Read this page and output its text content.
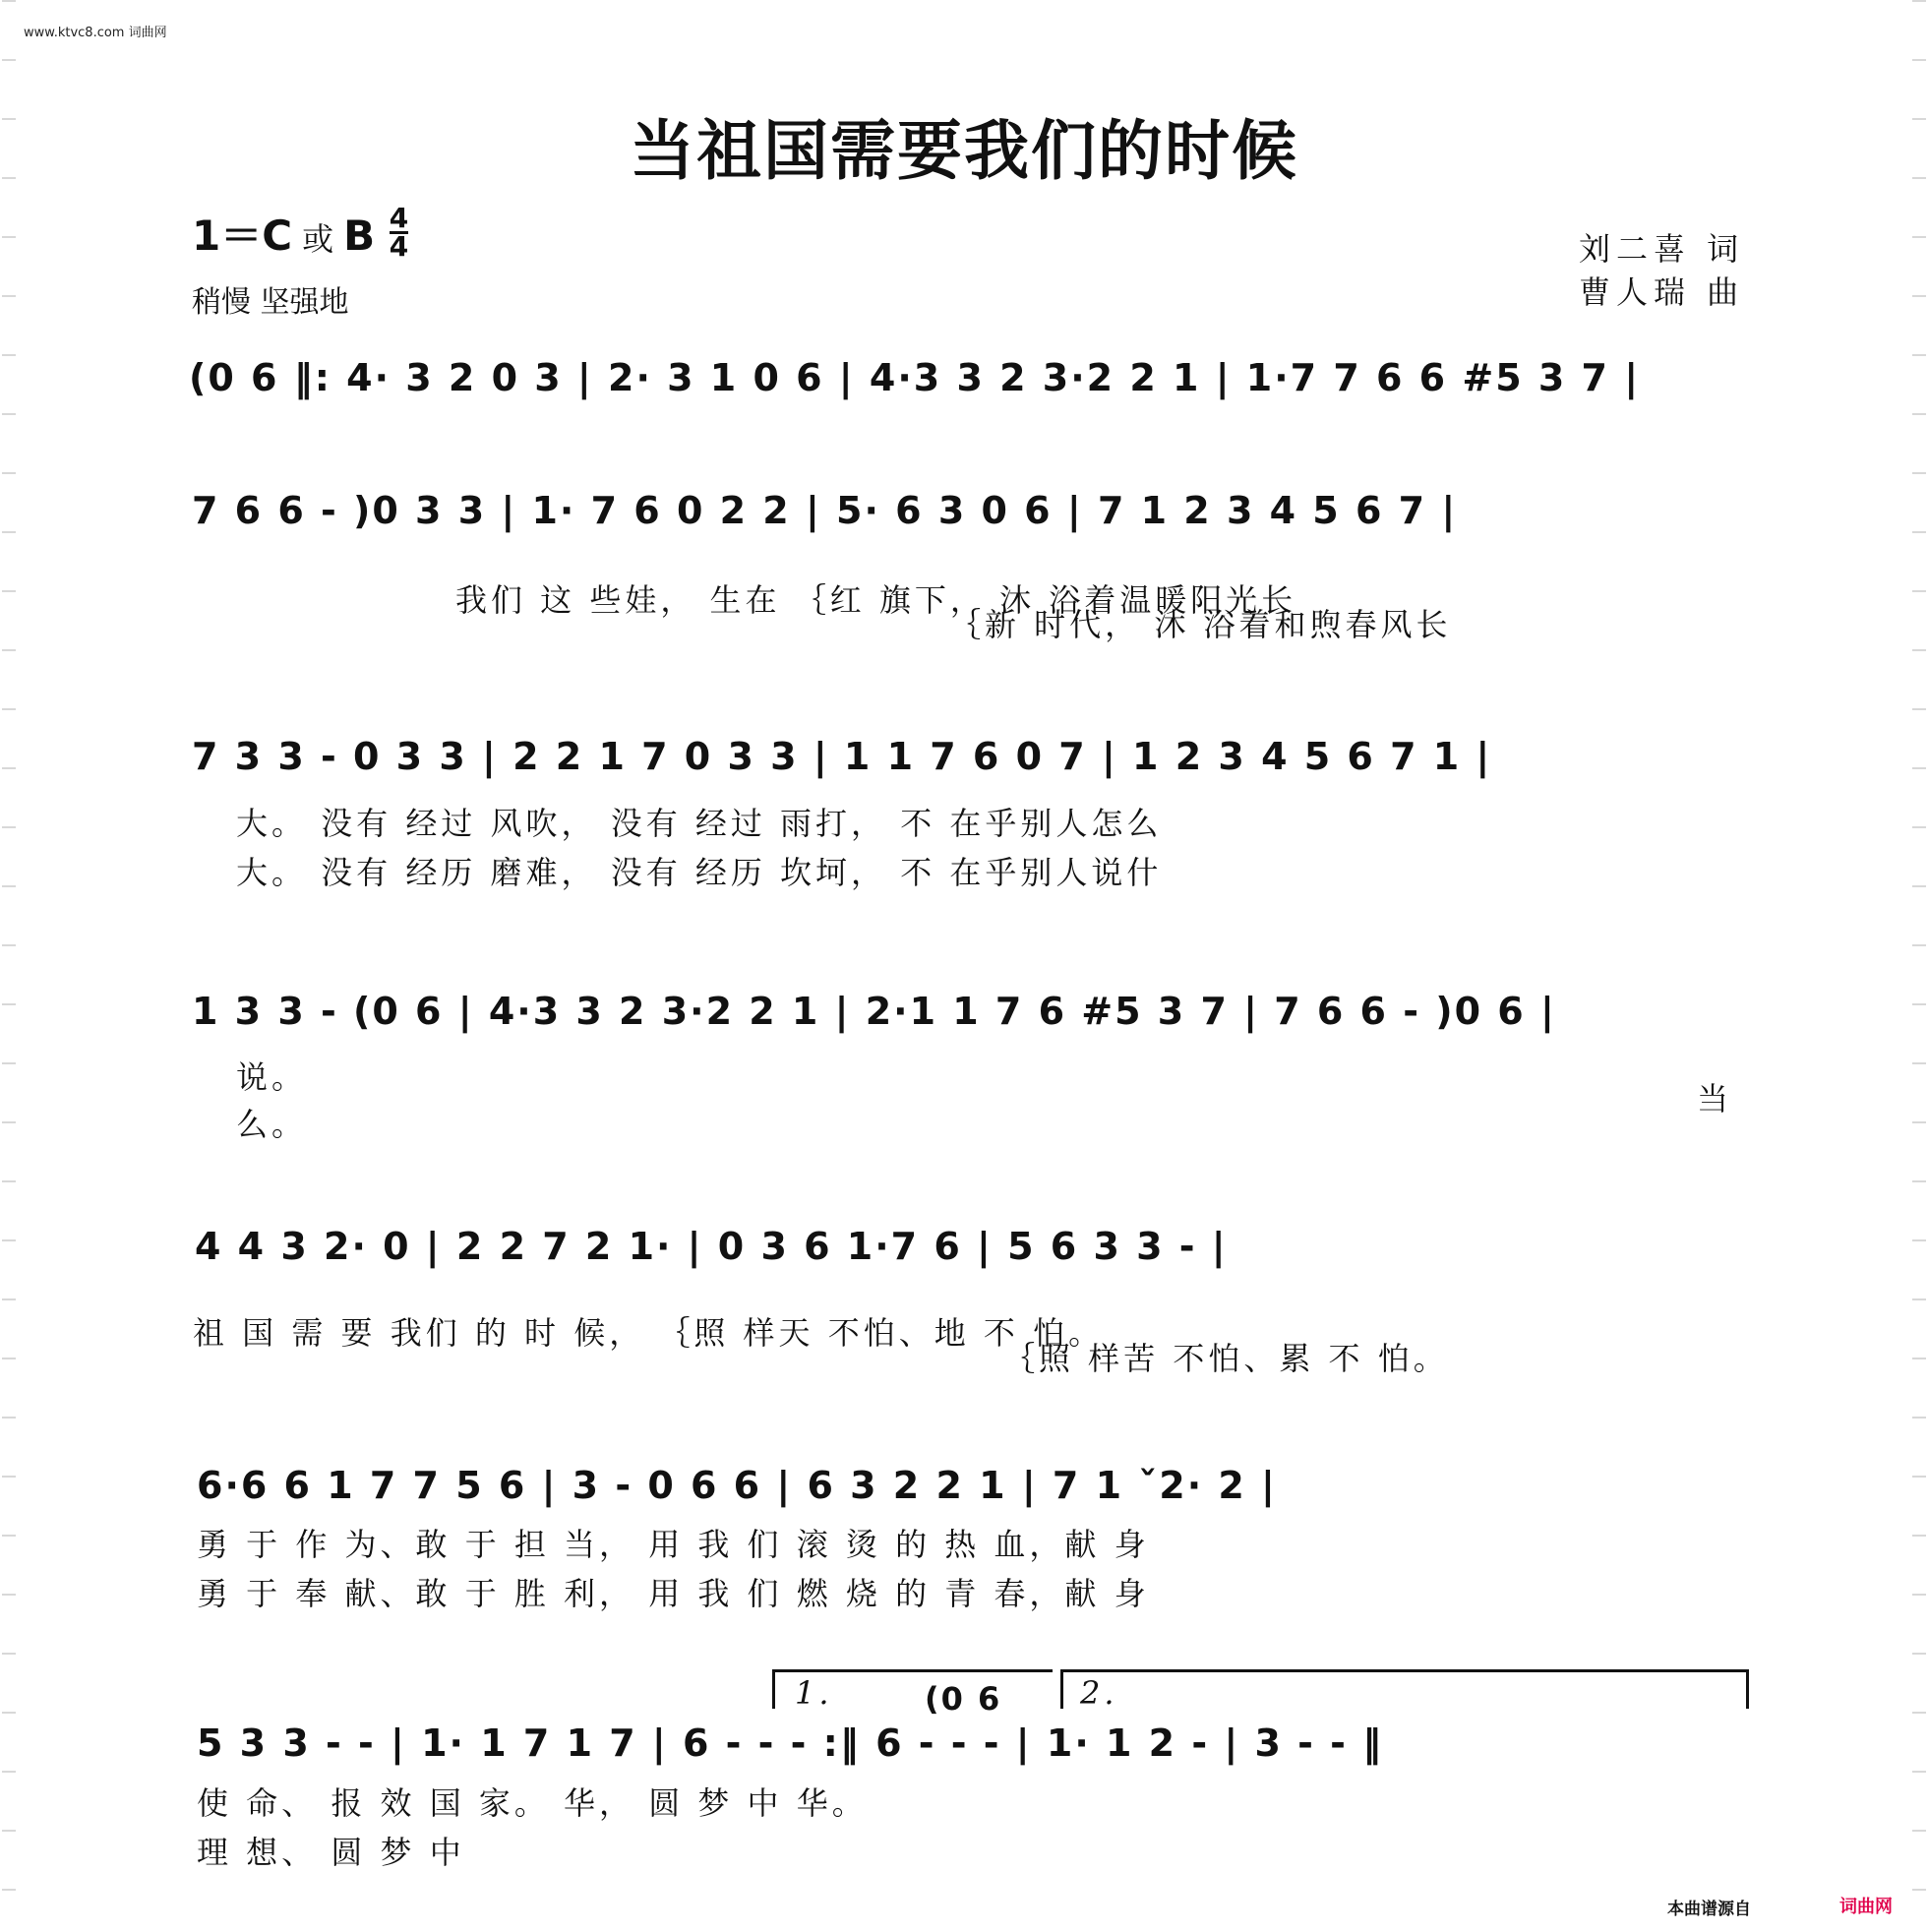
www.ktvc8.com 词曲网
当祖国需要我们的时候
1＝C 或 B $\frac{4}{4}$
稍慢 坚强地
刘二喜 词
曹人瑞 曲
(0 6 ‖: 4· 3 2 0 3 | 2· 3 1 0 6 | 4·3 3 2 3·2 2 1 | 1·7 7 6 6 #5 3 7 |
7 6 6 - )0 3 3 | 1· 7 6 0 2 2 | 5· 6 3 0 6 | 7 1 2 3 4 5 6 7 |
我们 这 些娃， 生在 ｛红 旗下， 沐 浴着温暖阳光长
｛新 时代， 沐 浴着和煦春风长
7 3 3 - 0 3 3 | 2 2 1 7 0 3 3 | 1 1 7 6 0 7 | 1 2 3 4 5 6 7 1 |
大。 没有 经过 风吹， 没有 经过 雨打， 不 在乎别人怎么
大。 没有 经历 磨难， 没有 经历 坎坷， 不 在乎别人说什
1 3 3 - (0 6 | 4·3 3 2 3·2 2 1 | 2·1 1 7 6 #5 3 7 | 7 6 6 - )0 6 |
说。
么。
当
4 4 3 2· 0 | 2 2 7 2 1· | 0 3 6 1·7 6 | 5 6 3 3 - |
祖 国 需 要 我们 的 时 候， ｛照 样天 不怕、地 不 怕。
｛照 样苦 不怕、累 不 怕。
6·6 6 1 7 7 5 6 | 3 - 0 6 6 | 6 3 2 2 1 | 7 1 ˇ2· 2 |
勇 于 作 为、敢 于 担 当， 用 我 们 滚 烫 的 热 血，献 身
勇 于 奉 献、敢 于 胜 利， 用 我 们 燃 烧 的 青 春，献 身
1.	2.
(0 6
5 3 3 - - | 1· 1 7 1 7 | 6 - - - :‖ 6 - - - | 1· 1 2 - | 3 - - ‖
使 命、 报 效 国 家。 华， 圆 梦 中 华。
理 想、 圆 梦 中
本曲谱源自	词曲网
